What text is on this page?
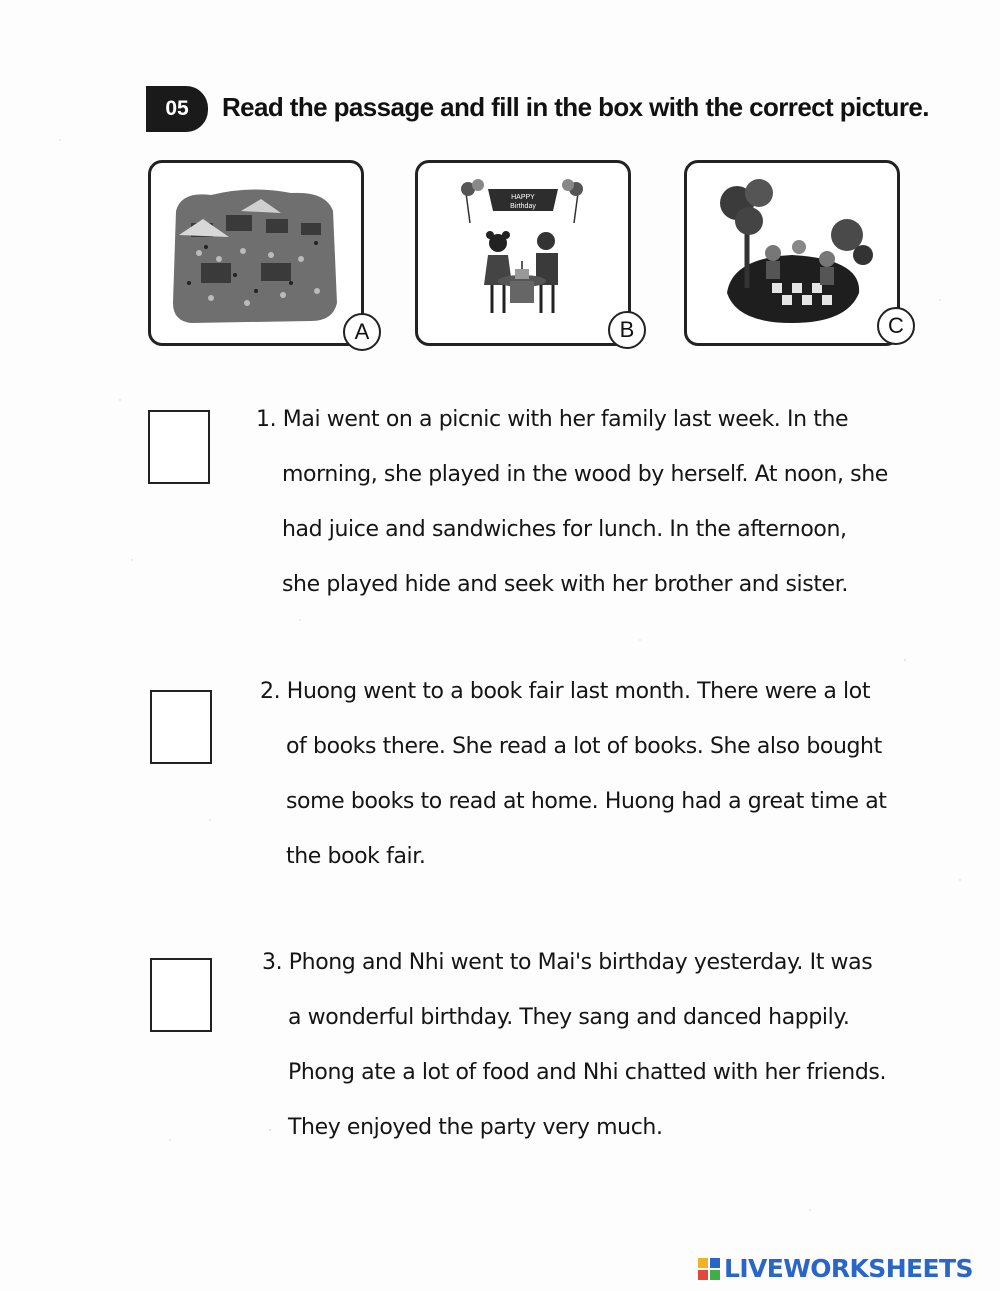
05	Read the passage and fill in the box with the correct picture.
A
HAPPY
Birthday
B	C
1. Mai went on a picnic with her family last week. In the
morning, she played in the wood by herself. At noon, she
had juice and sandwiches for lunch. In the afternoon,
she played hide and seek with her brother and sister.
2. Huong went to a book fair last month. There were a lot
of books there. She read a lot of books. She also bought
some books to read at home. Huong had a great time at
the book fair.
3. Phong and Nhi went to Mai's birthday yesterday. It was
a wonderful birthday. They sang and danced happily.
Phong ate a lot of food and Nhi chatted with her friends.
They enjoyed the party very much.
LIVEWORKSHEETS
